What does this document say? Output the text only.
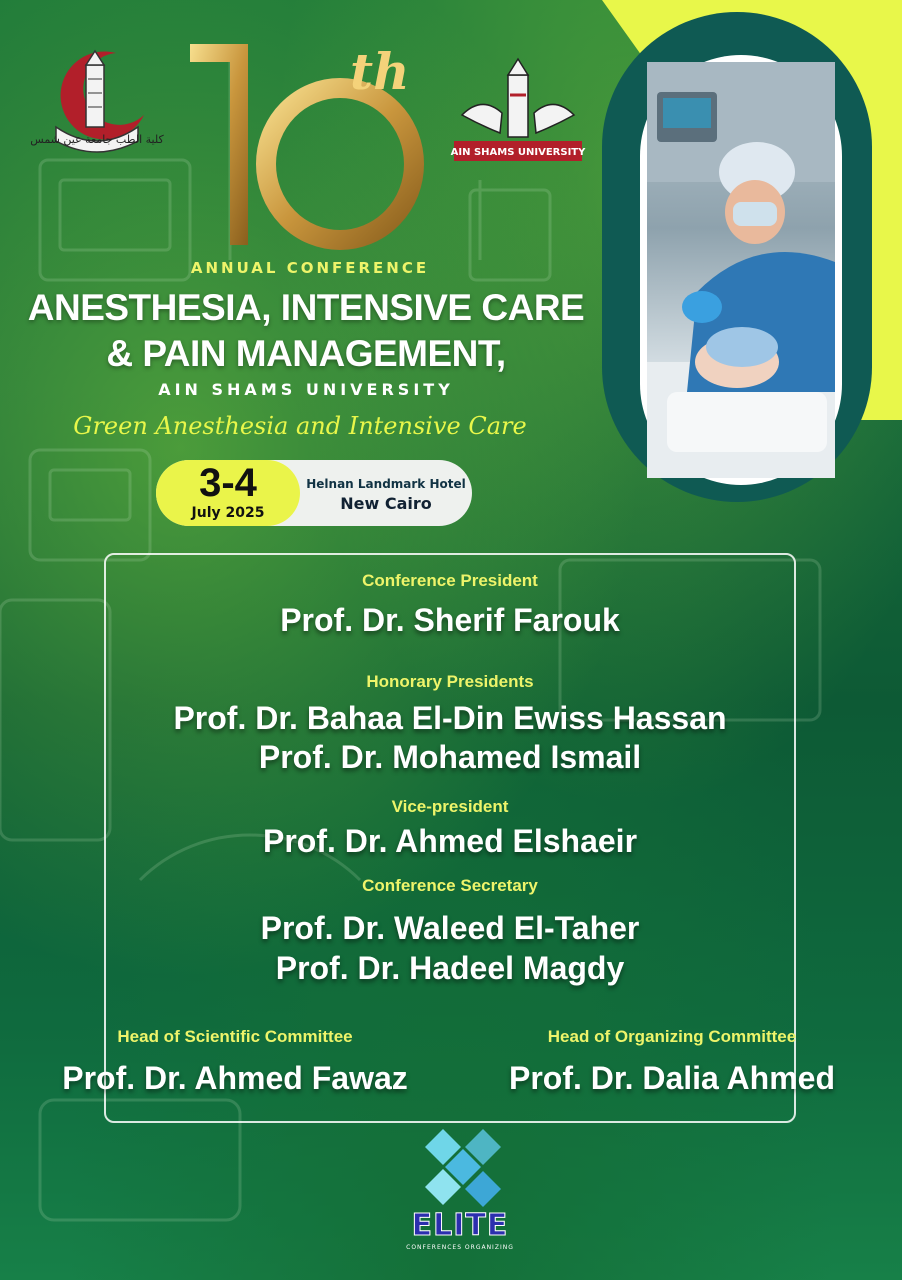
كلية الطب جامعة عين شمس
AIN SHAMS UNIVERSITY
10
th
ANNUAL CONFERENCE
ANESTHESIA, INTENSIVE CARE
& PAIN MANAGEMENT,
AIN SHAMS UNIVERSITY
Green Anesthesia and Intensive Care
3-4
July 2025
Helnan Landmark Hotel
New Cairo
Conference President
Prof. Dr. Sherif Farouk
Honorary Presidents
Prof. Dr. Bahaa El-Din Ewiss Hassan
Prof. Dr. Mohamed Ismail
Vice-president
Prof. Dr. Ahmed Elshaeir
Conference Secretary
Prof. Dr. Waleed El-Taher
Prof. Dr. Hadeel Magdy
Head of Scientific Committee
Prof. Dr. Ahmed Fawaz
Head of Organizing Committee
Prof. Dr. Dalia Ahmed
ELITE
CONFERENCES ORGANIZING
